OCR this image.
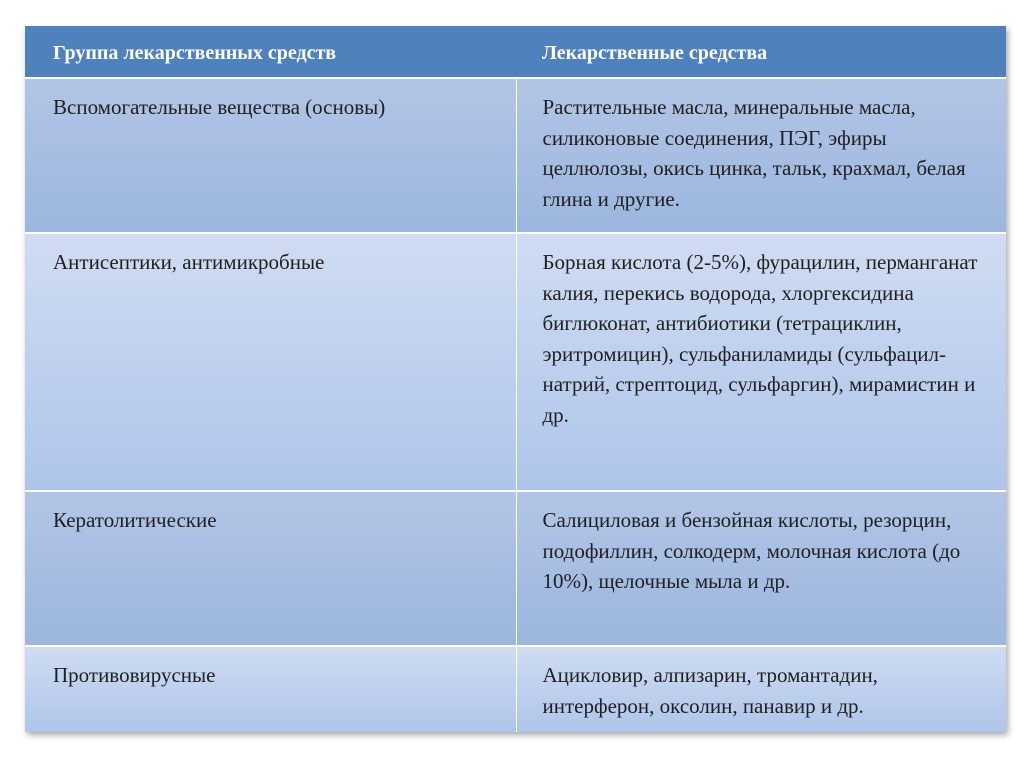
Группа лекарственных средств	Лекарственные средства
Вспомогательные вещества (основы)	Растительные масла, минеральные масла, силиконовые соединения, ПЭГ, эфиры целлюлозы, окись цинка, тальк, крахмал, белая глина и другие.
Антисептики, антимикробные	Борная кислота (2-5%), фурацилин, перманганат калия, перекись водорода, хлоргексидина биглюконат, антибиотики (тетрациклин, эритромицин), сульфаниламиды (сульфацил-натрий, стрептоцид, сульфаргин), мирамистин и др.
Кератолитические	Салициловая и бензойная кислоты, резорцин, подофиллин, солкодерм, молочная кислота (до 10%), щелочные мыла и др.
Противовирусные	Ацикловир, алпизарин, тромантадин, интерферон, оксолин, панавир и др.
